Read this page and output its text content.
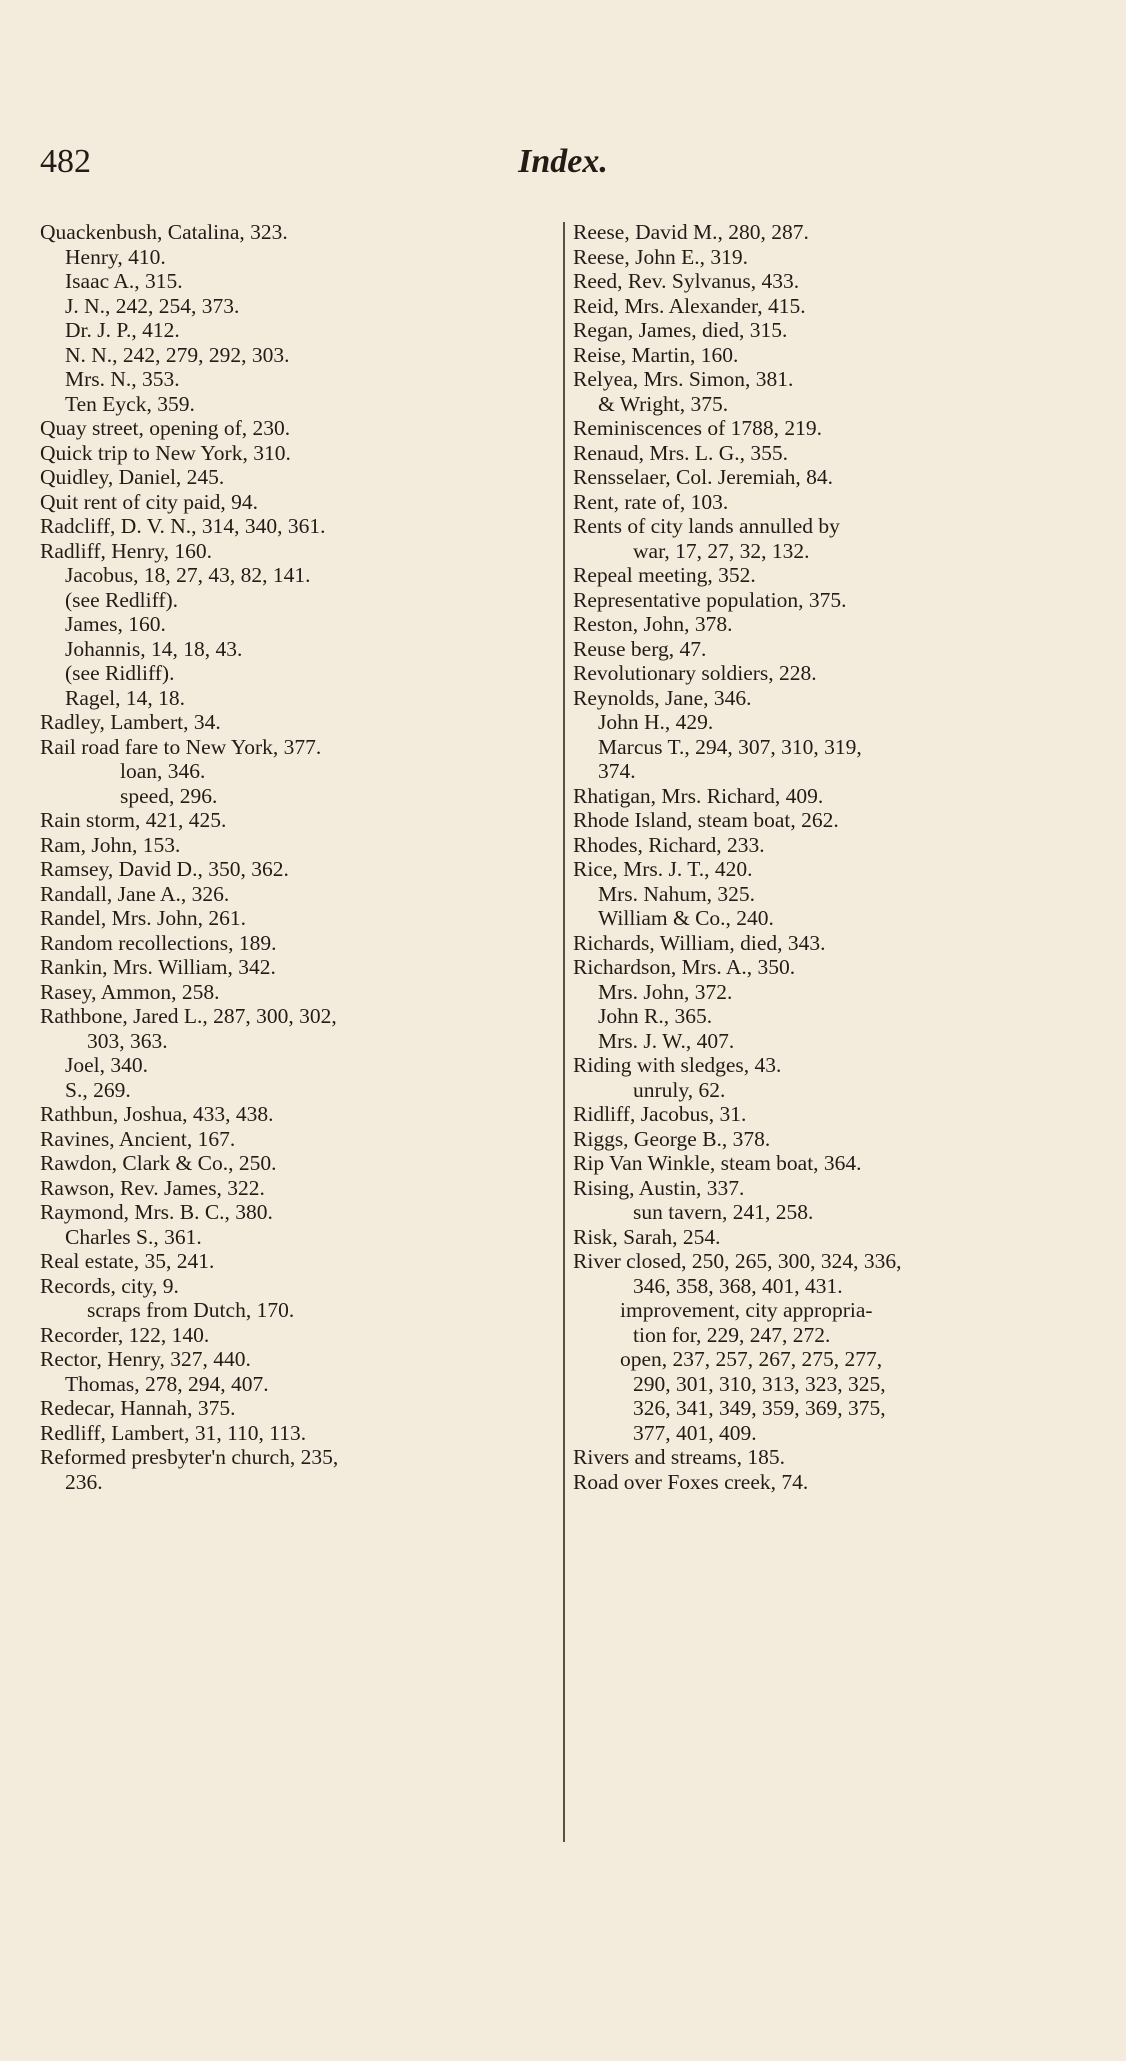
482	Index.

Quackenbush, Catalina, 323.

Henry, 410.

Isaac A., 315.

J. N., 242, 254, 373.

Dr. J. P., 412.

N. N., 242, 279, 292, 303.

Mrs. N., 353.

Ten Eyck, 359.

Quay street, opening of, 230.

Quick trip to New York, 310.

Quidley, Daniel, 245.

Quit rent of city paid, 94.

Radcliff, D. V. N., 314, 340, 361.

Radliff, Henry, 160.

Jacobus, 18, 27, 43, 82, 141.

(see Redliff).

James, 160.

Johannis, 14, 18, 43.

(see Ridliff).

Ragel, 14, 18.

Radley, Lambert, 34.

Rail road fare to New York, 377.

loan, 346.

speed, 296.

Rain storm, 421, 425.

Ram, John, 153.

Ramsey, David D., 350, 362.

Randall, Jane A., 326.

Randel, Mrs. John, 261.

Random recollections, 189.

Rankin, Mrs. William, 342.

Rasey, Ammon, 258.

Rathbone, Jared L., 287, 300, 302,

303, 363.

Joel, 340.

S., 269.

Rathbun, Joshua, 433, 438.

Ravines, Ancient, 167.

Rawdon, Clark & Co., 250.

Rawson, Rev. James, 322.

Raymond, Mrs. B. C., 380.

Charles S., 361.

Real estate, 35, 241.

Records, city, 9.

scraps from Dutch, 170.

Recorder, 122, 140.

Rector, Henry, 327, 440.

Thomas, 278, 294, 407.

Redecar, Hannah, 375.

Redliff, Lambert, 31, 110, 113.

Reformed presbyter'n church, 235,

236.

Reese, David M., 280, 287.

Reese, John E., 319.

Reed, Rev. Sylvanus, 433.

Reid, Mrs. Alexander, 415.

Regan, James, died, 315.

Reise, Martin, 160.

Relyea, Mrs. Simon, 381.

& Wright, 375.

Reminiscences of 1788, 219.

Renaud, Mrs. L. G., 355.

Rensselaer, Col. Jeremiah, 84.

Rent, rate of, 103.

Rents of city lands annulled by

war, 17, 27, 32, 132.

Repeal meeting, 352.

Representative population, 375.

Reston, John, 378.

Reuse berg, 47.

Revolutionary soldiers, 228.

Reynolds, Jane, 346.

John H., 429.

Marcus T., 294, 307, 310, 319,

374.

Rhatigan, Mrs. Richard, 409.

Rhode Island, steam boat, 262.

Rhodes, Richard, 233.

Rice, Mrs. J. T., 420.

Mrs. Nahum, 325.

William & Co., 240.

Richards, William, died, 343.

Richardson, Mrs. A., 350.

Mrs. John, 372.

John R., 365.

Mrs. J. W., 407.

Riding with sledges, 43.

unruly, 62.

Ridliff, Jacobus, 31.

Riggs, George B., 378.

Rip Van Winkle, steam boat, 364.

Rising, Austin, 337.

sun tavern, 241, 258.

Risk, Sarah, 254.

River closed, 250, 265, 300, 324, 336,

346, 358, 368, 401, 431.

improvement, city appropria-

tion for, 229, 247, 272.

open, 237, 257, 267, 275, 277,

290, 301, 310, 313, 323, 325,

326, 341, 349, 359, 369, 375,

377, 401, 409.

Rivers and streams, 185.

Road over Foxes creek, 74.
